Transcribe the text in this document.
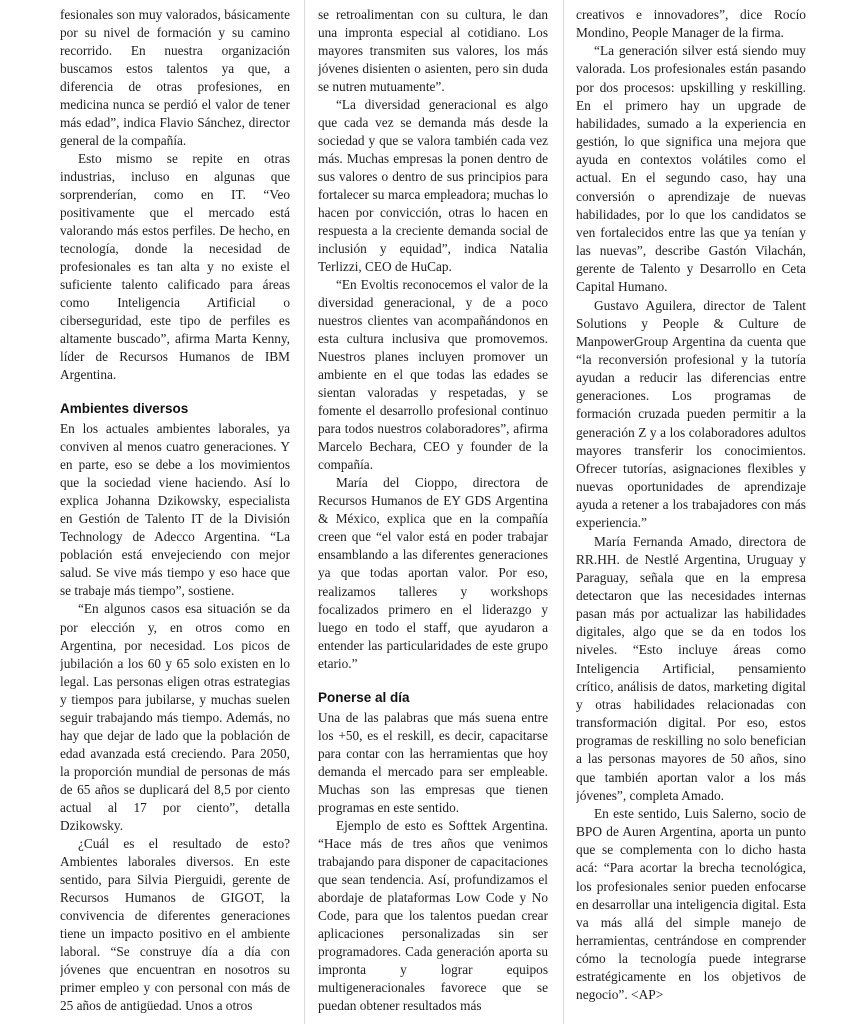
fesionales son muy valorados, básicamente por su nivel de formación y su camino recorrido. En nuestra organización buscamos estos talentos ya que, a diferencia de otras profesiones, en medicina nunca se perdió el valor de tener más edad”, indica Flavio Sánchez, director general de la compañía.

Esto mismo se repite en otras industrias, incluso en algunas que sorprenderían, como en IT. “Veo positivamente que el mercado está valorando más estos perfiles. De hecho, en tecnología, donde la necesidad de profesionales es tan alta y no existe el suficiente talento calificado para áreas como Inteligencia Artificial o ciberseguridad, este tipo de perfiles es altamente buscado”, afirma Marta Kenny, líder de Recursos Humanos de IBM Argentina.

Ambientes diversos

En los actuales ambientes laborales, ya conviven al menos cuatro generaciones. Y en parte, eso se debe a los movimientos que la sociedad viene haciendo. Así lo explica Johanna Dzikowsky, especialista en Gestión de Talento IT de la División Technology de Adecco Argentina. “La población está envejeciendo con mejor salud. Se vive más tiempo y eso hace que se trabaje más tiempo”, sostiene.

“En algunos casos esa situación se da por elección y, en otros como en Argentina, por necesidad. Los picos de jubilación a los 60 y 65 solo existen en lo legal. Las personas eligen otras estrategias y tiempos para jubilarse, y muchas suelen seguir trabajando más tiempo. Además, no hay que dejar de lado que la población de edad avanzada está creciendo. Para 2050, la proporción mundial de personas de más de 65 años se duplicará del 8,5 por ciento actual al 17 por ciento”, detalla Dzikowsky.

¿Cuál es el resultado de esto? Ambientes laborales diversos. En este sentido, para Silvia Pierguidi, gerente de Recursos Humanos de GIGOT, la convivencia de diferentes generaciones tiene un impacto positivo en el ambiente laboral. “Se construye día a día con jóvenes que encuentran en nosotros su primer empleo y con personal con más de 25 años de antigüedad. Unos a otros

se retroalimentan con su cultura, le dan una impronta especial al cotidiano. Los mayores transmiten sus valores, los más jóvenes disienten o asienten, pero sin duda se nutren mutuamente”.

“La diversidad generacional es algo que cada vez se demanda más desde la sociedad y que se valora también cada vez más. Muchas empresas la ponen dentro de sus valores o dentro de sus principios para fortalecer su marca empleadora; muchas lo hacen por convicción, otras lo hacen en respuesta a la creciente demanda social de inclusión y equidad”, indica Natalia Terlizzi, CEO de HuCap.

“En Evoltis reconocemos el valor de la diversidad generacional, y de a poco nuestros clientes van acompañándonos en esta cultura inclusiva que promovemos. Nuestros planes incluyen promover un ambiente en el que todas las edades se sientan valoradas y respetadas, y se fomente el desarrollo profesional continuo para todos nuestros colaboradores”, afirma Marcelo Bechara, CEO y founder de la compañía.

María del Cioppo, directora de Recursos Humanos de EY GDS Argentina & México, explica que en la compañía creen que “el valor está en poder trabajar ensamblando a las diferentes generaciones ya que todas aportan valor. Por eso, realizamos talleres y workshops focalizados primero en el liderazgo y luego en todo el staff, que ayudaron a entender las particularidades de este grupo etario.”

Ponerse al día

Una de las palabras que más suena entre los +50, es el reskill, es decir, capacitarse para contar con las herramientas que hoy demanda el mercado para ser empleable. Muchas son las empresas que tienen programas en este sentido.

Ejemplo de esto es Softtek Argentina. “Hace más de tres años que venimos trabajando para disponer de capacitaciones que sean tendencia. Así, profundizamos el abordaje de plataformas Low Code y No Code, para que los talentos puedan crear aplicaciones personalizadas sin ser programadores. Cada generación aporta su impronta y lograr equipos multigeneracionales favorece que se puedan obtener resultados más

creativos e innovadores”, dice Rocío Mondino, People Manager de la firma.

“La generación silver está siendo muy valorada. Los profesionales están pasando por dos procesos: upskilling y reskilling. En el primero hay un upgrade de habilidades, sumado a la experiencia en gestión, lo que significa una mejora que ayuda en contextos volátiles como el actual. En el segundo caso, hay una conversión o aprendizaje de nuevas habilidades, por lo que los candidatos se ven fortalecidos entre las que ya tenían y las nuevas”, describe Gastón Vilachán, gerente de Talento y Desarrollo en Ceta Capital Humano.

Gustavo Aguilera, director de Talent Solutions y People & Culture de ManpowerGroup Argentina da cuenta que “la reconversión profesional y la tutoría ayudan a reducir las diferencias entre generaciones. Los programas de formación cruzada pueden permitir a la generación Z y a los colaboradores adultos mayores transferir los conocimientos. Ofrecer tutorías, asignaciones flexibles y nuevas oportunidades de aprendizaje ayuda a retener a los trabajadores con más experiencia.”

María Fernanda Amado, directora de RR.HH. de Nestlé Argentina, Uruguay y Paraguay, señala que en la empresa detectaron que las necesidades internas pasan más por actualizar las habilidades digitales, algo que se da en todos los niveles. “Esto incluye áreas como Inteligencia Artificial, pensamiento crítico, análisis de datos, marketing digital y otras habilidades relacionadas con transformación digital. Por eso, estos programas de reskilling no solo benefician a las personas mayores de 50 años, sino que también aportan valor a los más jóvenes”, completa Amado.

En este sentido, Luis Salerno, socio de BPO de Auren Argentina, aporta un punto que se complementa con lo dicho hasta acá: “Para acortar la brecha tecnológica, los profesionales senior pueden enfocarse en desarrollar una inteligencia digital. Esta va más allá del simple manejo de herramientas, centrándose en comprender cómo la tecnología puede integrarse estratégicamente en los objetivos de negocio”. <AP>
